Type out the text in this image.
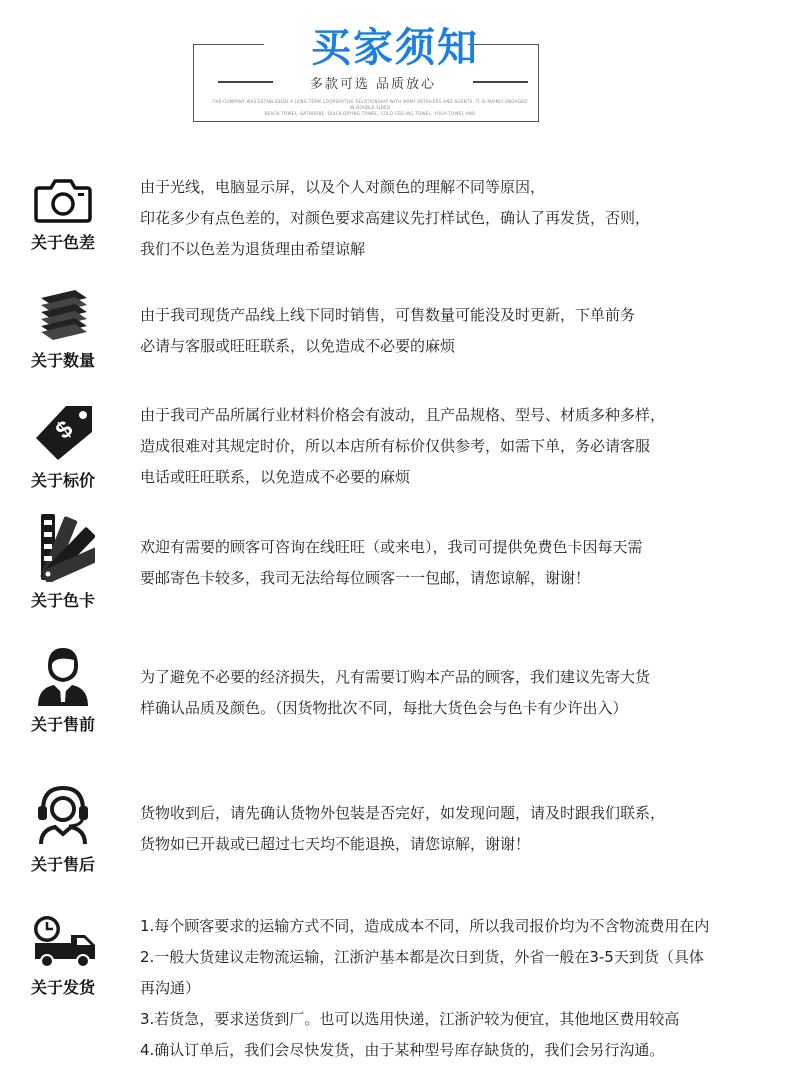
买家须知
多款可选 品质放心
THE COMPANY WAS ESTABLISHED A LONG TERM COOPERATIVE RELATIONSHIP WITH MANY RETAILERS AND AGENTS. IT IS MAINLY ENGAGED IN DOUBLE-SIDED
BEACH TOWEL, BATHROBE, QUICK-DRYING TOWEL, COLD-FEELING TOWEL, YOGA TOWEL AND
关于色差
由于光线，电脑显示屏，以及个人对颜色的理解不同等原因，
印花多少有点色差的，对颜色要求高建议先打样试色，确认了再发货，否则，
我们不以色差为退货理由希望谅解
关于数量
由于我司现货产品线上线下同时销售，可售数量可能没及时更新，下单前务
必请与客服或旺旺联系，以免造成不必要的麻烦
$
关于标价
由于我司产品所属行业材料价格会有波动，且产品规格、型号、材质多种多样，
造成很难对其规定时价，所以本店所有标价仅供参考，如需下单，务必请客服
电话或旺旺联系，以免造成不必要的麻烦
关于色卡
欢迎有需要的顾客可咨询在线旺旺（或来电），我司可提供免费色卡因每天需
要邮寄色卡较多，我司无法给每位顾客一一包邮，请您谅解，谢谢！
关于售前
为了避免不必要的经济损失，凡有需要订购本产品的顾客，我们建议先寄大货
样确认品质及颜色。（因货物批次不同，每批大货色会与色卡有少许出入）
关于售后
货物收到后，请先确认货物外包装是否完好，如发现问题，请及时跟我们联系，
货物如已开裁或已超过七天均不能退换，请您谅解，谢谢！
关于发货
1.每个顾客要求的运输方式不同，造成成本不同，所以我司报价均为不含物流费用在内
2.一般大货建议走物流运输，江浙沪基本都是次日到货，外省一般在3-5天到货（具体
再沟通）
3.若货急，要求送货到厂。也可以选用快递，江浙沪较为便宜，其他地区费用较高
4.确认订单后，我们会尽快发货，由于某种型号库存缺货的，我们会另行沟通。
